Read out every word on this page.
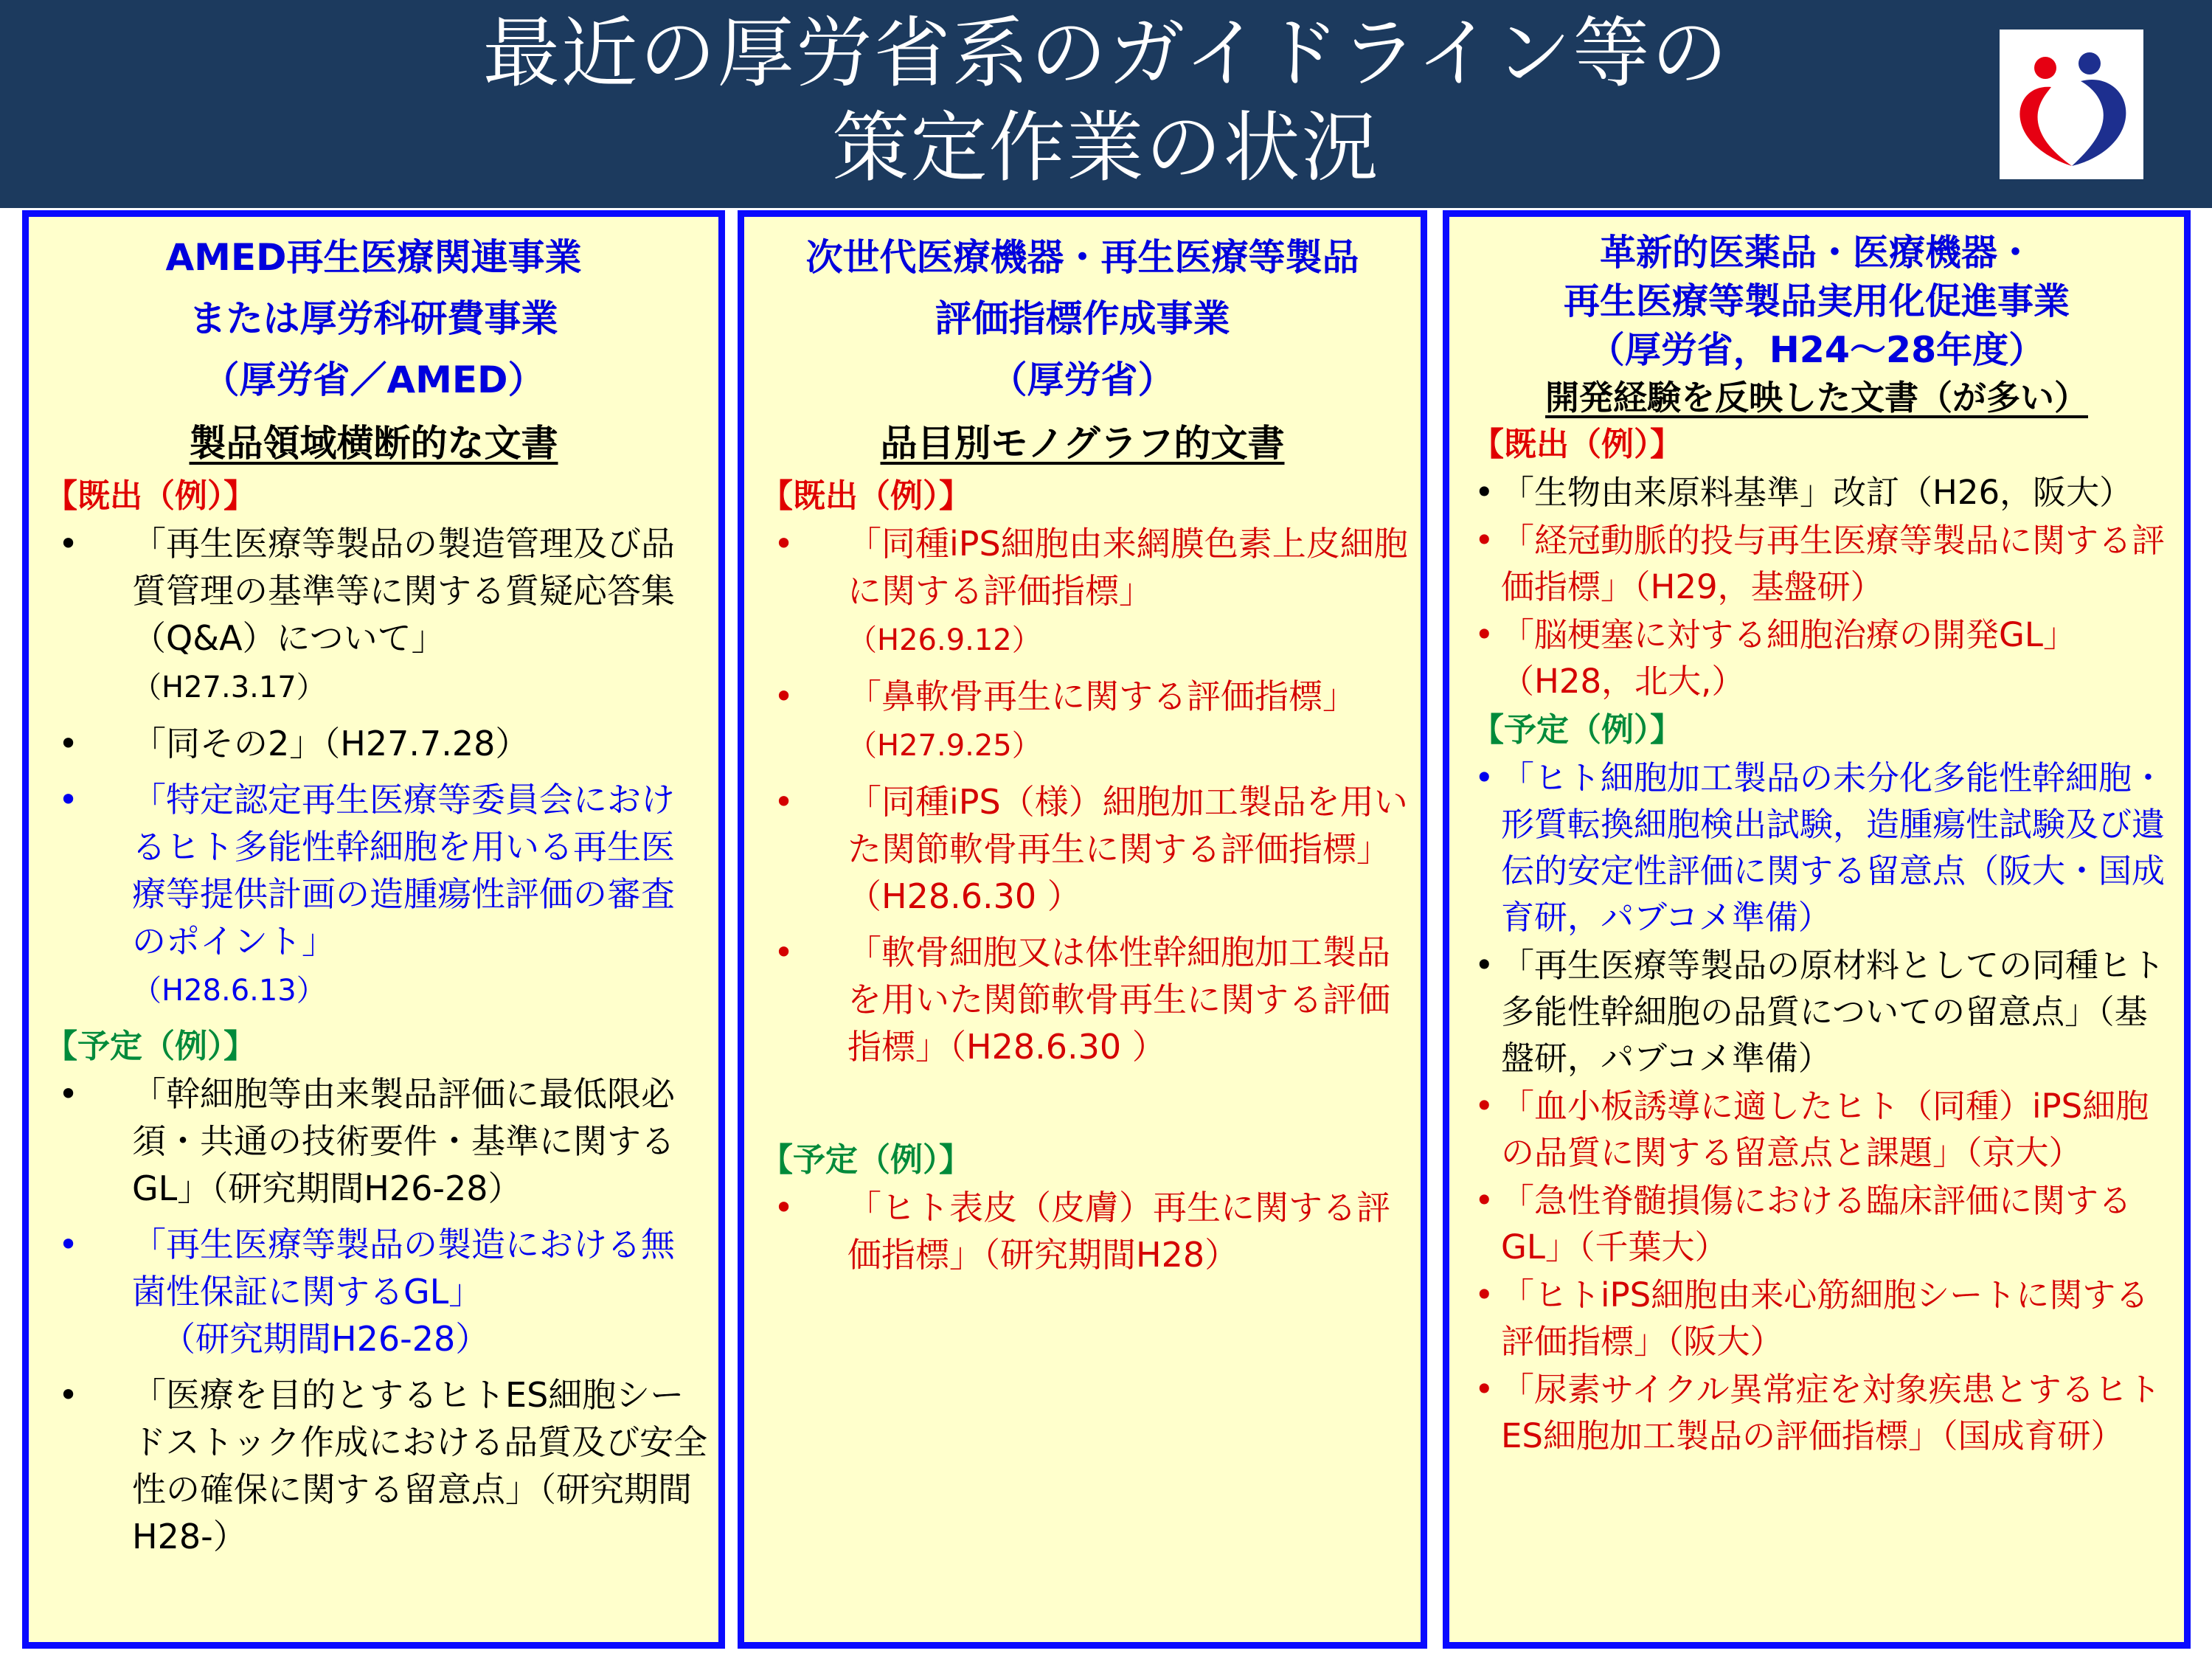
最近の厚労省系のガイドライン等の
策定作業の状況
AMED再生医療関連事業
または厚労科研費事業
（厚労省／AMED）
製品領域横断的な文書
【既出（例）】
• 「再生医療等製品の製造管理及び品質管理の基準等に関する質疑応答集（Q&A）について」
（H27.3.17）
• 「同その2」（H27.7.28）
• 「特定認定再生医療等委員会におけるヒト多能性幹細胞を用いる再生医療等提供計画の造腫瘍性評価の審査のポイント」
（H28.6.13）
【予定（例）】
• 「幹細胞等由来製品評価に最低限必須・共通の技術要件・基準に関するGL」（研究期間H26-28）
• 「再生医療等製品の製造における無菌性保証に関するGL」
（研究期間H26-28）
• 「医療を目的とするヒトES細胞シードストック作成における品質及び安全性の確保に関する留意点」（研究期間H28-）
次世代医療機器・再生医療等製品
評価指標作成事業
（厚労省）
品目別モノグラフ的文書
【既出（例）】
• 「同種iPS細胞由来網膜色素上皮細胞に関する評価指標」
（H26.9.12）
• 「鼻軟骨再生に関する評価指標」
（H27.9.25）
• 「同種iPS（様）細胞加工製品を用いた関節軟骨再生に関する評価指標」（H28.6.30 ）
• 「軟骨細胞又は体性幹細胞加工製品を用いた関節軟骨再生に関する評価指標」（H28.6.30 ）
【予定（例）】
• 「ヒト表皮（皮膚）再生に関する評価指標」（研究期間H28）
革新的医薬品・医療機器・
再生医療等製品実用化促進事業
（厚労省，H24～28年度）
開発経験を反映した文書（が多い）
【既出（例）】
• 「生物由来原料基準」改訂（H26，阪大）
• 「経冠動脈的投与再生医療等製品に関する評価指標」（H29，基盤研）
• 「脳梗塞に対する細胞治療の開発GL」（H28，北大,）
【予定（例）】
• 「ヒト細胞加工製品の未分化多能性幹細胞・形質転換細胞検出試験，造腫瘍性試験及び遺伝的安定性評価に関する留意点（阪大・国成育研，パブコメ準備）
• 「再生医療等製品の原材料としての同種ヒト多能性幹細胞の品質についての留意点」（基盤研，パブコメ準備）
• 「血小板誘導に適したヒト（同種）iPS細胞の品質に関する留意点と課題」（京大）
• 「急性脊髄損傷における臨床評価に関するGL」（千葉大）
• 「ヒトiPS細胞由来心筋細胞シートに関する評価指標」（阪大）
• 「尿素サイクル異常症を対象疾患とするヒトES細胞加工製品の評価指標」（国成育研）
